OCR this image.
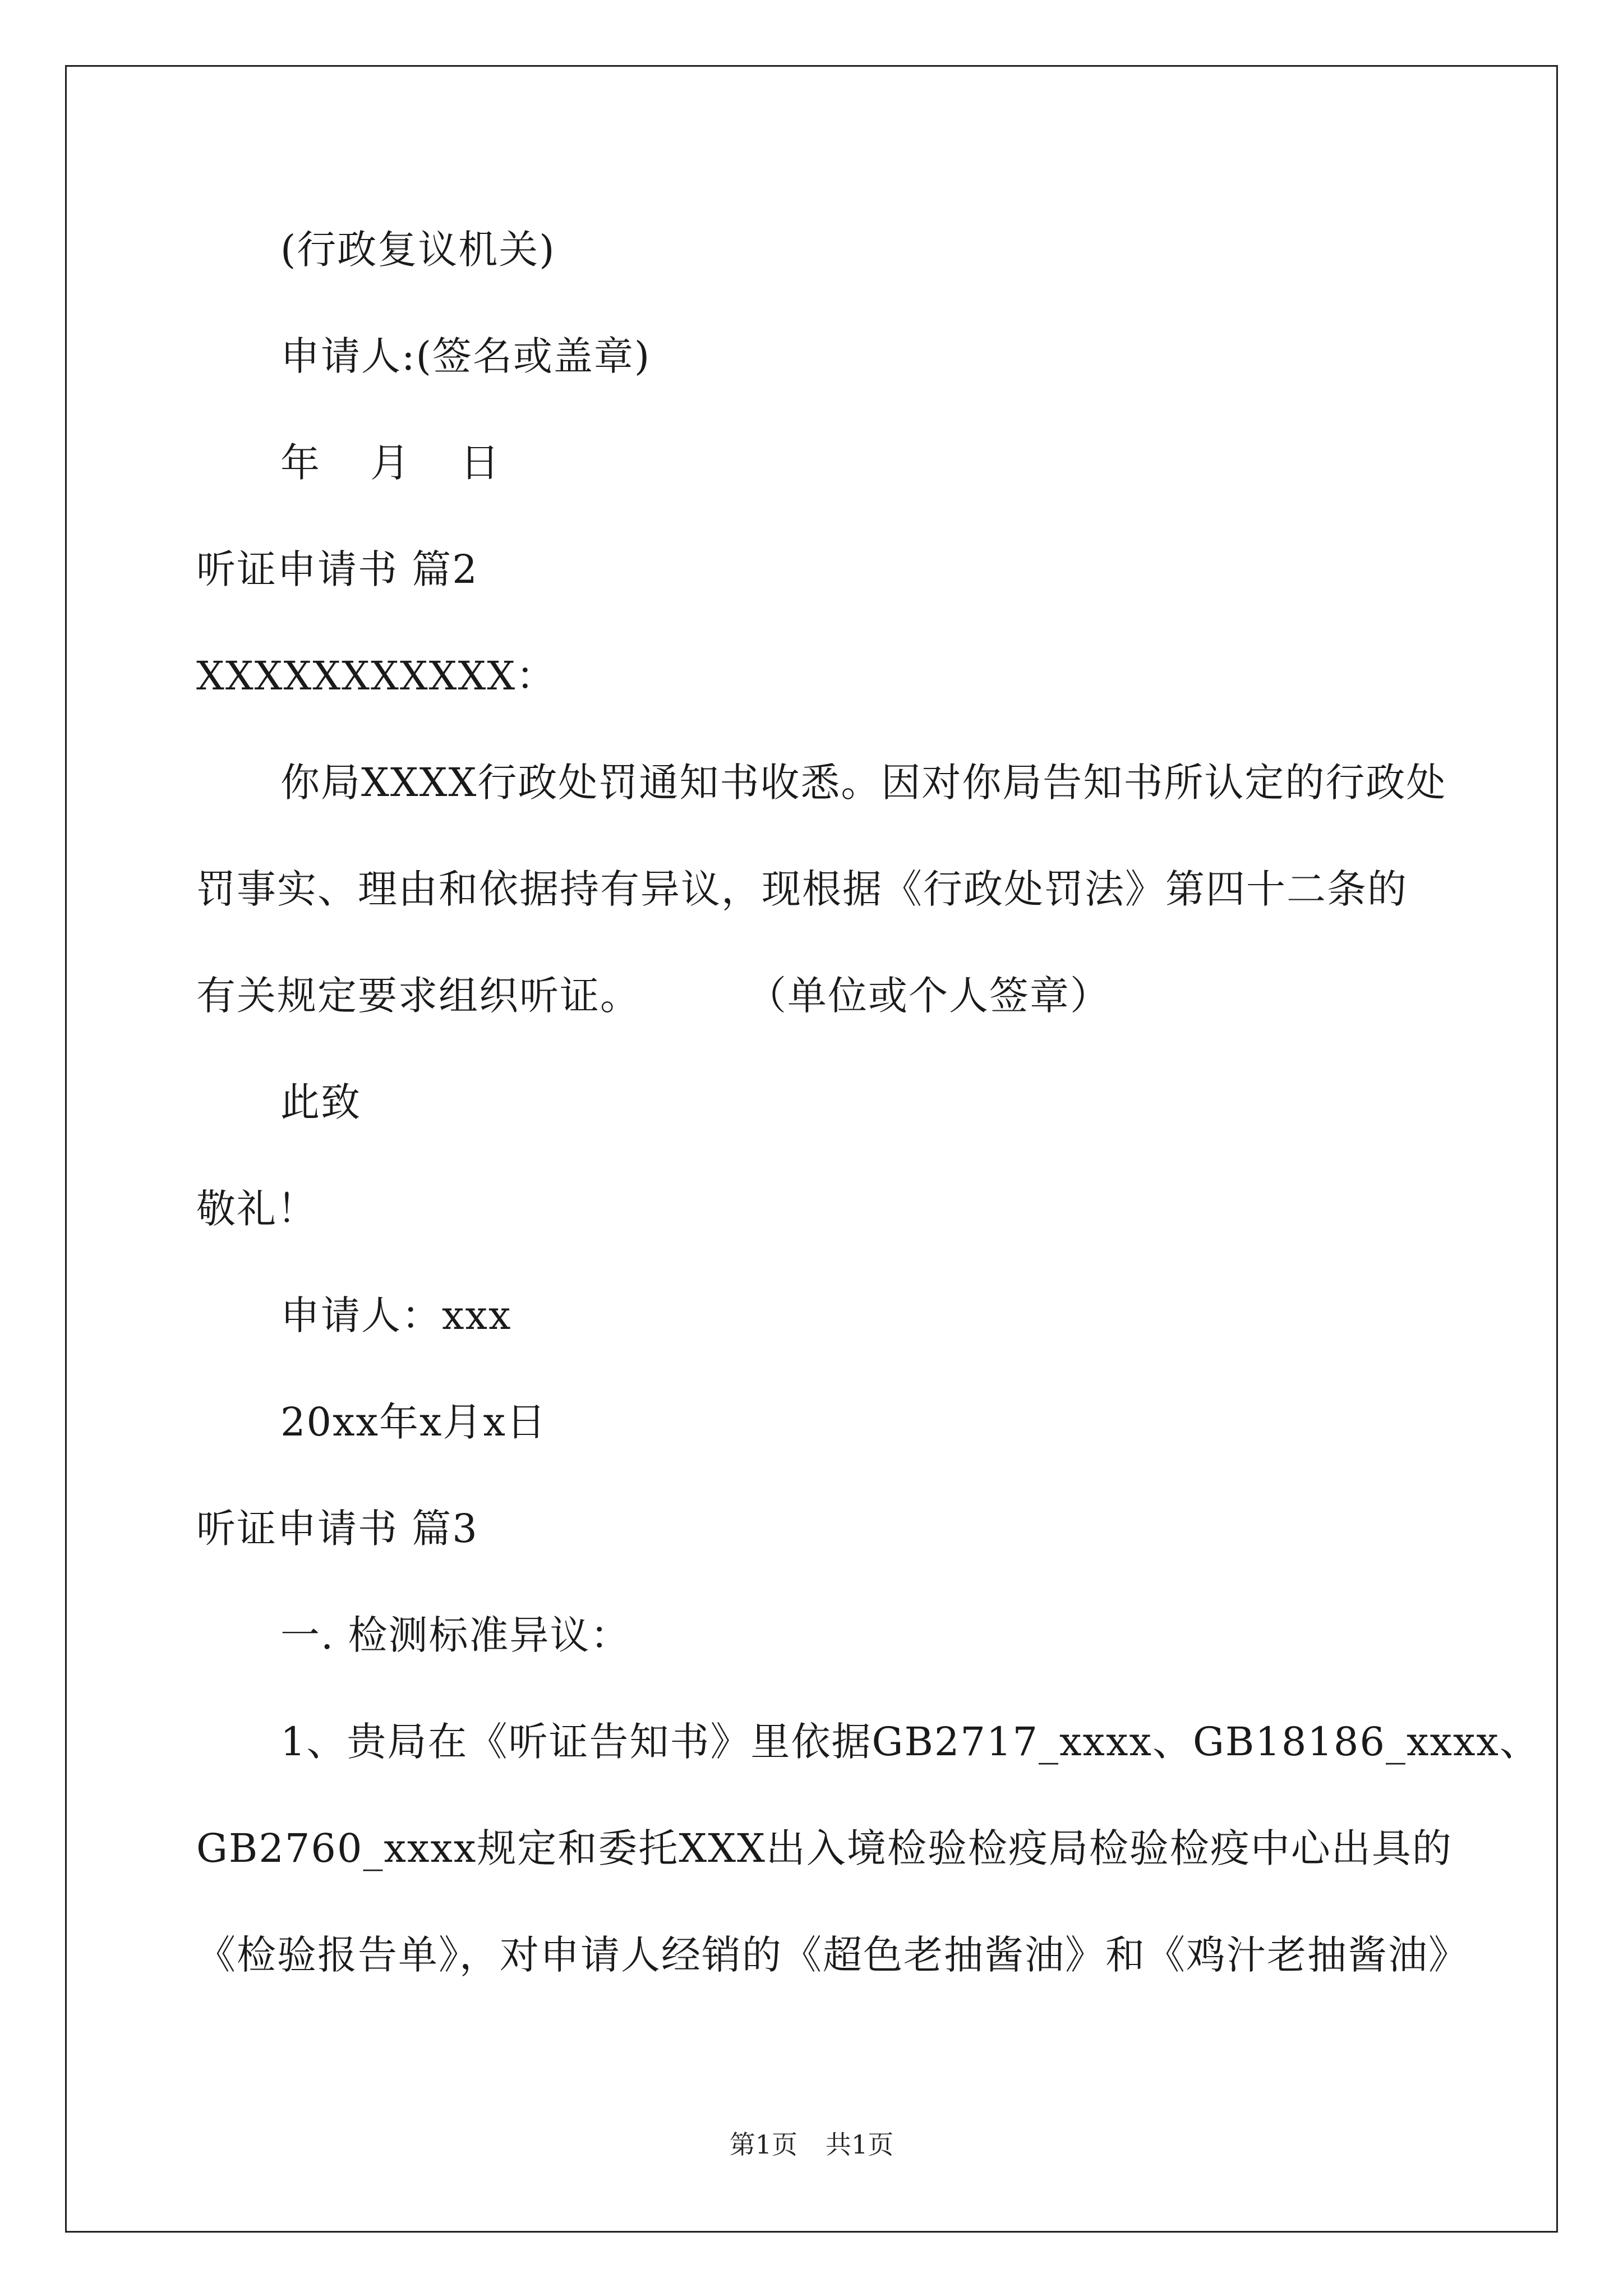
(行政复议机关)
申请人:(签名或盖章)
年 月 日
听证申请书 篇2
XXXXXXXXXXX：
你局XXXX行政处罚通知书收悉。因对你局告知书所认定的行政处
罚事实、理由和依据持有异议，现根据《行政处罚法》第四十二条的
有关规定要求组织听证。	（单位或个人签章）
此致
敬礼！
申请人：xxx
20xx年x月x日
听证申请书 篇3
一. 检测标准异议：
1、贵局在《听证告知书》里依据GB2717_xxxx、GB18186_xxxx、
GB2760_xxxx规定和委托XXX出入境检验检疫局检验检疫中心出具的
《检验报告单》，对申请人经销的《超色老抽酱油》和《鸡汁老抽酱油》
第1页 共1页
